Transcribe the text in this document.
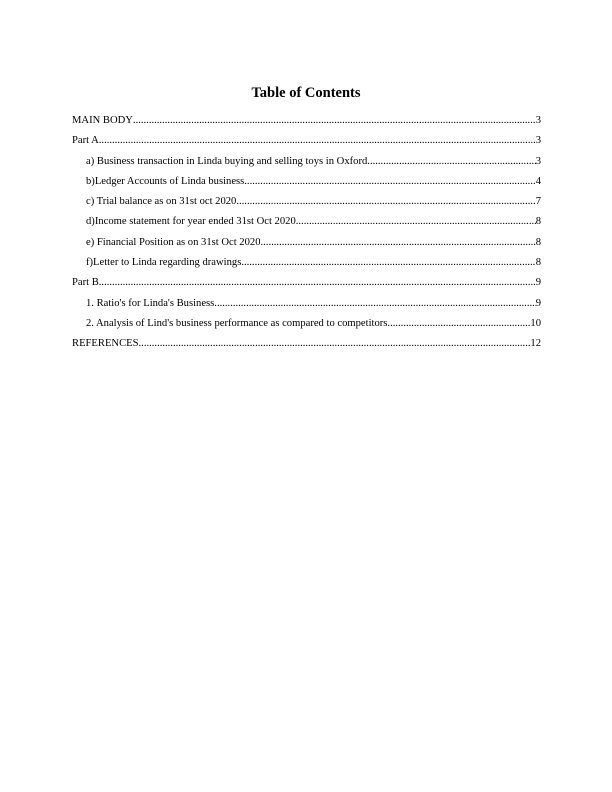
Table of Contents
MAIN BODY .....	3
Part A .....	3
a) Business transaction in Linda buying and selling toys in Oxford .....	3
b)Ledger Accounts of Linda business .....	4
c) Trial balance as on 31st oct 2020 .....	7
d)Income statement for year ended 31st Oct 2020 .....	8
e) Financial Position as on 31st Oct 2020 .....	8
f)Letter to Linda regarding drawings .....	8
Part B .....	9
1. Ratio's for Linda's Business .....	9
2. Analysis of Lind's business performance as compared to competitors .....	10
REFERENCES .....	12
